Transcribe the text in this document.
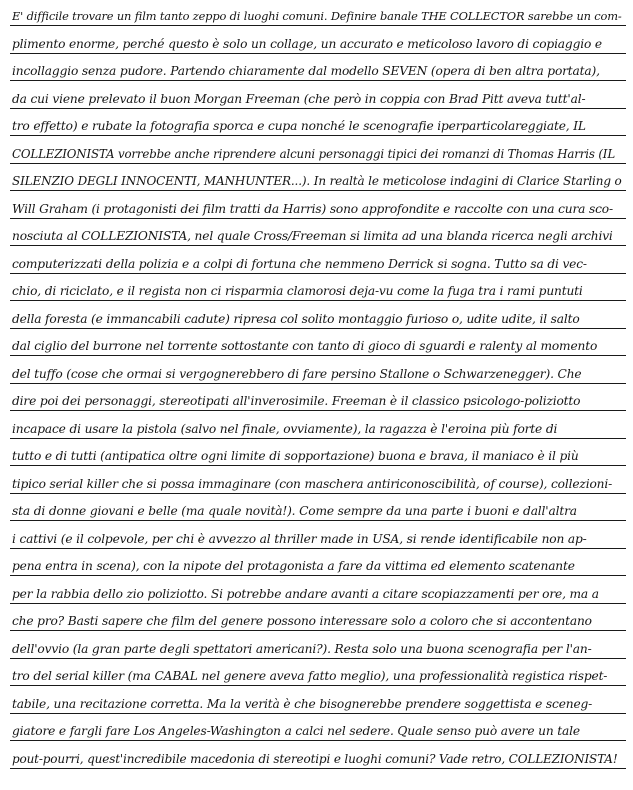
E' difficile trovare un film tanto zeppo di luoghi comuni. Definire banale THE COLLECTOR sarebbe un com-
plimento enorme, perché questo è solo un collage, un accurato e meticoloso lavoro di copiaggio e
incollaggio senza pudore. Partendo chiaramente dal modello SEVEN (opera di ben altra portata),
da cui viene prelevato il buon Morgan Freeman (che però in coppia con Brad Pitt aveva tutt'al-
tro effetto) e rubate la fotografia sporca e cupa nonché le scenografie iperparticolareggiate, IL
COLLEZIONISTA vorrebbe anche riprendere alcuni personaggi tipici dei romanzi di Thomas Harris (IL
SILENZIO DEGLI INNOCENTI, MANHUNTER...). In realtà le meticolose indagini di Clarice Starling o
Will Graham (i protagonisti dei film tratti da Harris) sono approfondite e raccolte con una cura sco-
nosciuta al COLLEZIONISTA, nel quale Cross/Freeman si limita ad una blanda ricerca negli archivi
computerizzati della polizia e a colpi di fortuna che nemmeno Derrick si sogna. Tutto sa di vec-
chio, di riciclato, e il regista non ci risparmia clamorosi deja-vu come la fuga tra i rami puntuti
della foresta (e immancabili cadute) ripresa col solito montaggio furioso o, udite udite, il salto
dal ciglio del burrone nel torrente sottostante con tanto di gioco di sguardi e ralenty al momento
del tuffo (cose che ormai si vergognerebbero di fare persino Stallone o Schwarzenegger). Che
dire poi dei personaggi, stereotipati all'inverosimile. Freeman è il classico psicologo-poliziotto
incapace di usare la pistola (salvo nel finale, ovviamente), la ragazza è l'eroina più forte di
tutto e di tutti (antipatica oltre ogni limite di sopportazione) buona e brava, il maniaco è il più
tipico serial killer che si possa immaginare (con maschera antiriconoscibilità, of course), collezioni-
sta di donne giovani e belle (ma quale novità!). Come sempre da una parte i buoni e dall'altra
i cattivi (e il colpevole, per chi è avvezzo al thriller made in USA, si rende identificabile non ap-
pena entra in scena), con la nipote del protagonista a fare da vittima ed elemento scatenante
per la rabbia dello zio poliziotto. Si potrebbe andare avanti a citare scopiazzamenti per ore, ma a
che pro? Basti sapere che film del genere possono interessare solo a coloro che si accontentano
dell'ovvio (la gran parte degli spettatori americani?). Resta solo una buona scenografia per l'an-
tro del serial killer (ma CABAL nel genere aveva fatto meglio), una professionalità registica rispet-
tabile, una recitazione corretta. Ma la verità è che bisognerebbe prendere soggettista e sceneg-
giatore e fargli fare Los Angeles-Washington a calci nel sedere. Quale senso può avere un tale
pout-pourri, quest'incredibile macedonia di stereotipi e luoghi comuni? Vade retro, COLLEZIONISTA!
